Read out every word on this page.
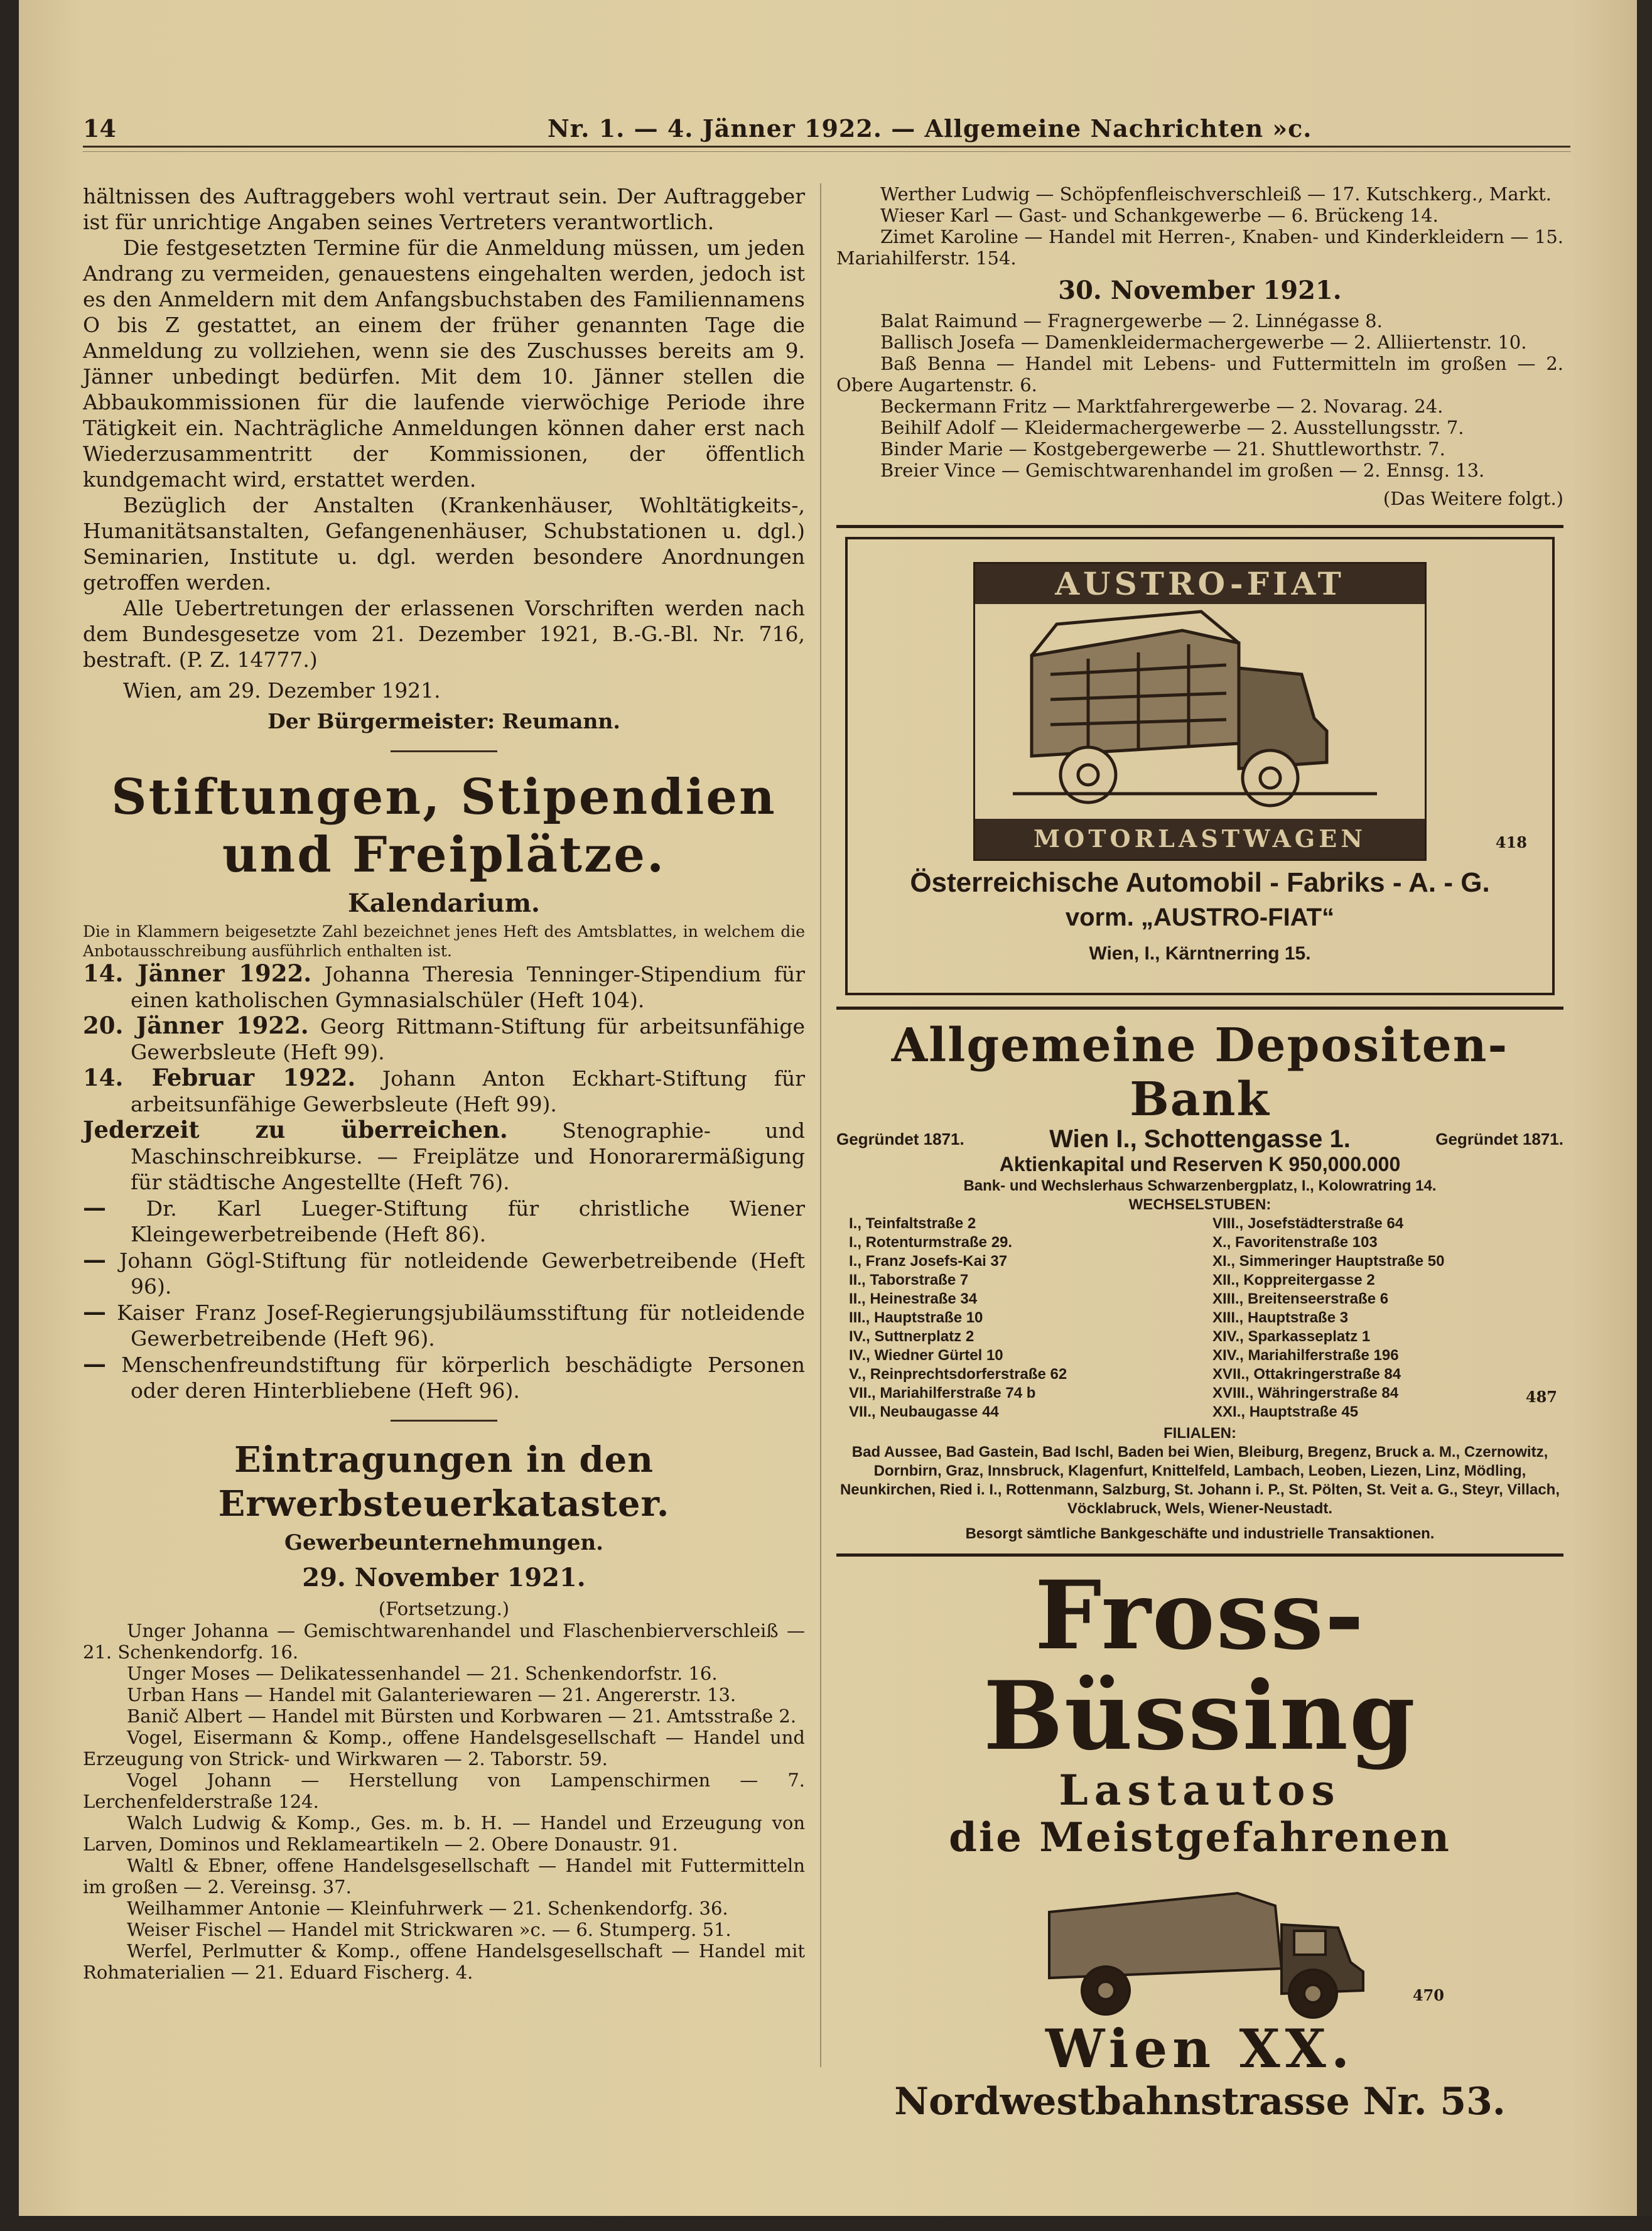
14	Nr. 1. — 4. Jänner 1922. — Allgemeine Nachrichten »c.

hältnissen des Auftraggebers wohl vertraut sein. Der Auftraggeber ist für unrichtige Angaben seines Vertreters verantwortlich.

Die festgesetzten Termine für die Anmeldung müssen, um jeden Andrang zu vermeiden, genauestens eingehalten werden, jedoch ist es den Anmeldern mit dem Anfangsbuchstaben des Familiennamens O bis Z gestattet, an einem der früher genannten Tage die Anmeldung zu vollziehen, wenn sie des Zuschusses bereits am 9. Jänner unbedingt bedürfen. Mit dem 10. Jänner stellen die Abbaukommissionen für die laufende vierwöchige Periode ihre Tätigkeit ein. Nachträgliche Anmeldungen können daher erst nach Wiederzusammentritt der Kommissionen, der öffentlich kundgemacht wird, erstattet werden.

Bezüglich der Anstalten (Krankenhäuser, Wohltätigkeits-, Humanitätsanstalten, Gefangenenhäuser, Schubstationen u. dgl.) Seminarien, Institute u. dgl. werden besondere Anordnungen getroffen werden.

Alle Uebertretungen der erlassenen Vorschriften werden nach dem Bundesgesetze vom 21. Dezember 1921, B.-G.-Bl. Nr. 716, bestraft. (P. Z. 14777.)

Wien, am 29. Dezember 1921.

Der Bürgermeister: Reumann.

Stiftungen, Stipendien und Freiplätze.
Kalendarium.

Die in Klammern beigesetzte Zahl bezeichnet jenes Heft des Amtsblattes, in welchem die Anbotausschreibung ausführlich enthalten ist.

14. Jänner 1922. Johanna Theresia Tenninger-Stipendium für einen katholischen Gymnasialschüler (Heft 104).

20. Jänner 1922. Georg Rittmann-Stiftung für arbeitsunfähige Gewerbsleute (Heft 99).

14. Februar 1922. Johann Anton Eckhart-Stiftung für arbeitsunfähige Gewerbsleute (Heft 99).

Jederzeit zu überreichen.	Stenographie- und Maschinschreibkurse. — Freiplätze und Honorarermäßigung für städtische Angestellte (Heft 76).

— Dr. Karl Lueger-Stiftung für christliche Wiener Kleingewerbetreibende (Heft 86).

— Johann Gögl-Stiftung für notleidende Gewerbetreibende (Heft 96).

— Kaiser Franz Josef-Regierungsjubiläumsstiftung für notleidende Gewerbetreibende (Heft 96).

— Menschenfreundstiftung für körperlich beschädigte Personen oder deren Hinterbliebene (Heft 96).

Eintragungen in den Erwerbsteuerkataster.
Gewerbeunternehmungen.
29. November 1921.

(Fortsetzung.)

Unger Johanna — Gemischtwarenhandel und Flaschenbierverschleiß — 21. Schenkendorfg. 16.

Unger Moses — Delikatessenhandel — 21. Schenkendorfstr. 16.

Urban Hans — Handel mit Galanteriewaren — 21. Angererstr. 13.

Banič Albert — Handel mit Bürsten und Korbwaren — 21. Amtsstraße 2.

Vogel, Eisermann & Komp., offene Handelsgesellschaft — Handel und Erzeugung von Strick- und Wirkwaren — 2. Taborstr. 59.

Vogel Johann — Herstellung von Lampenschirmen — 7. Lerchenfelderstraße 124.

Walch Ludwig & Komp., Ges. m. b. H. — Handel und Erzeugung von Larven, Dominos und Reklameartikeln — 2. Obere Donaustr. 91.

Waltl & Ebner, offene Handelsgesellschaft — Handel mit Futtermitteln im großen — 2. Vereinsg. 37.

Weilhammer Antonie — Kleinfuhrwerk — 21. Schenkendorfg. 36.

Weiser Fischel — Handel mit Strickwaren »c. — 6. Stumperg. 51.

Werfel, Perlmutter & Komp., offene Handelsgesellschaft — Handel mit Rohmaterialien — 21. Eduard Fischerg. 4.

Werther Ludwig — Schöpfenfleischverschleiß — 17. Kutschkerg., Markt.

Wieser Karl — Gast- und Schankgewerbe — 6. Brückeng 14.

Zimet Karoline — Handel mit Herren-, Knaben- und Kinderkleidern — 15. Mariahilferstr. 154.

30. November 1921.

Balat Raimund — Fragnergewerbe — 2. Linnégasse 8.

Ballisch Josefa — Damenkleidermachergewerbe — 2. Alliiertenstr. 10.

Baß Benna — Handel mit Lebens- und Futtermitteln im großen — 2. Obere Augartenstr. 6.

Beckermann Fritz — Marktfahrergewerbe — 2. Novarag. 24.

Beihilf Adolf — Kleidermachergewerbe — 2. Ausstellungsstr. 7.

Binder Marie — Kostgebergewerbe — 21. Shuttleworthstr. 7.

Breier Vince — Gemischtwarenhandel im großen — 2. Ennsg. 13.

(Das Weitere folgt.)

AUSTRO-FIAT
MOTORLASTWAGEN	418
Österreichische Automobil - Fabriks - A. - G.
vorm. „AUSTRO-FIAT“
Wien, I., Kärntnerring 15.
Allgemeine Depositen-Bank
Gegründet 1871.	Wien I., Schottengasse 1.	Gegründet 1871.
Aktienkapital und Reserven K 950,000.000
Bank- und Wechslerhaus Schwarzenbergplatz, I., Kolowratring 14.
WECHSELSTUBEN:
I., Teinfaltstraße 2
I., Rotenturmstraße 29.
I., Franz Josefs-Kai 37
II., Taborstraße 7
II., Heinestraße 34
III., Hauptstraße 10
IV., Suttnerplatz 2
IV., Wiedner Gürtel 10
V., Reinprechtsdorferstraße 62
VII., Mariahilferstraße 74 b
VII., Neubaugasse 44
VIII., Josefstädterstraße 64
X., Favoritenstraße 103
XI., Simmeringer Hauptstraße 50
XII., Koppreitergasse 2
XIII., Breitenseerstraße 6
XIII., Hauptstraße 3
XIV., Sparkasseplatz 1
XIV., Mariahilferstraße 196
XVII., Ottakringerstraße 84
XVIII., Währingerstraße 84
XXI., Hauptstraße 45
487
FILIALEN:
Bad Aussee, Bad Gastein, Bad Ischl, Baden bei Wien, Bleiburg, Bregenz, Bruck a. M., Czernowitz, Dornbirn, Graz, Innsbruck, Klagenfurt, Knittelfeld, Lambach, Leoben, Liezen, Linz, Mödling, Neunkirchen, Ried i. I., Rottenmann, Salzburg, St. Johann i. P., St. Pölten, St. Veit a. G., Steyr, Villach, Vöcklabruck, Wels, Wiener-Neustadt.
Besorgt sämtliche Bankgeschäfte und industrielle Transaktionen.
Fross-Büssing
Lastautos
die Meistgefahrenen
Wien XX.
470
Nordwestbahnstrasse Nr. 53.
